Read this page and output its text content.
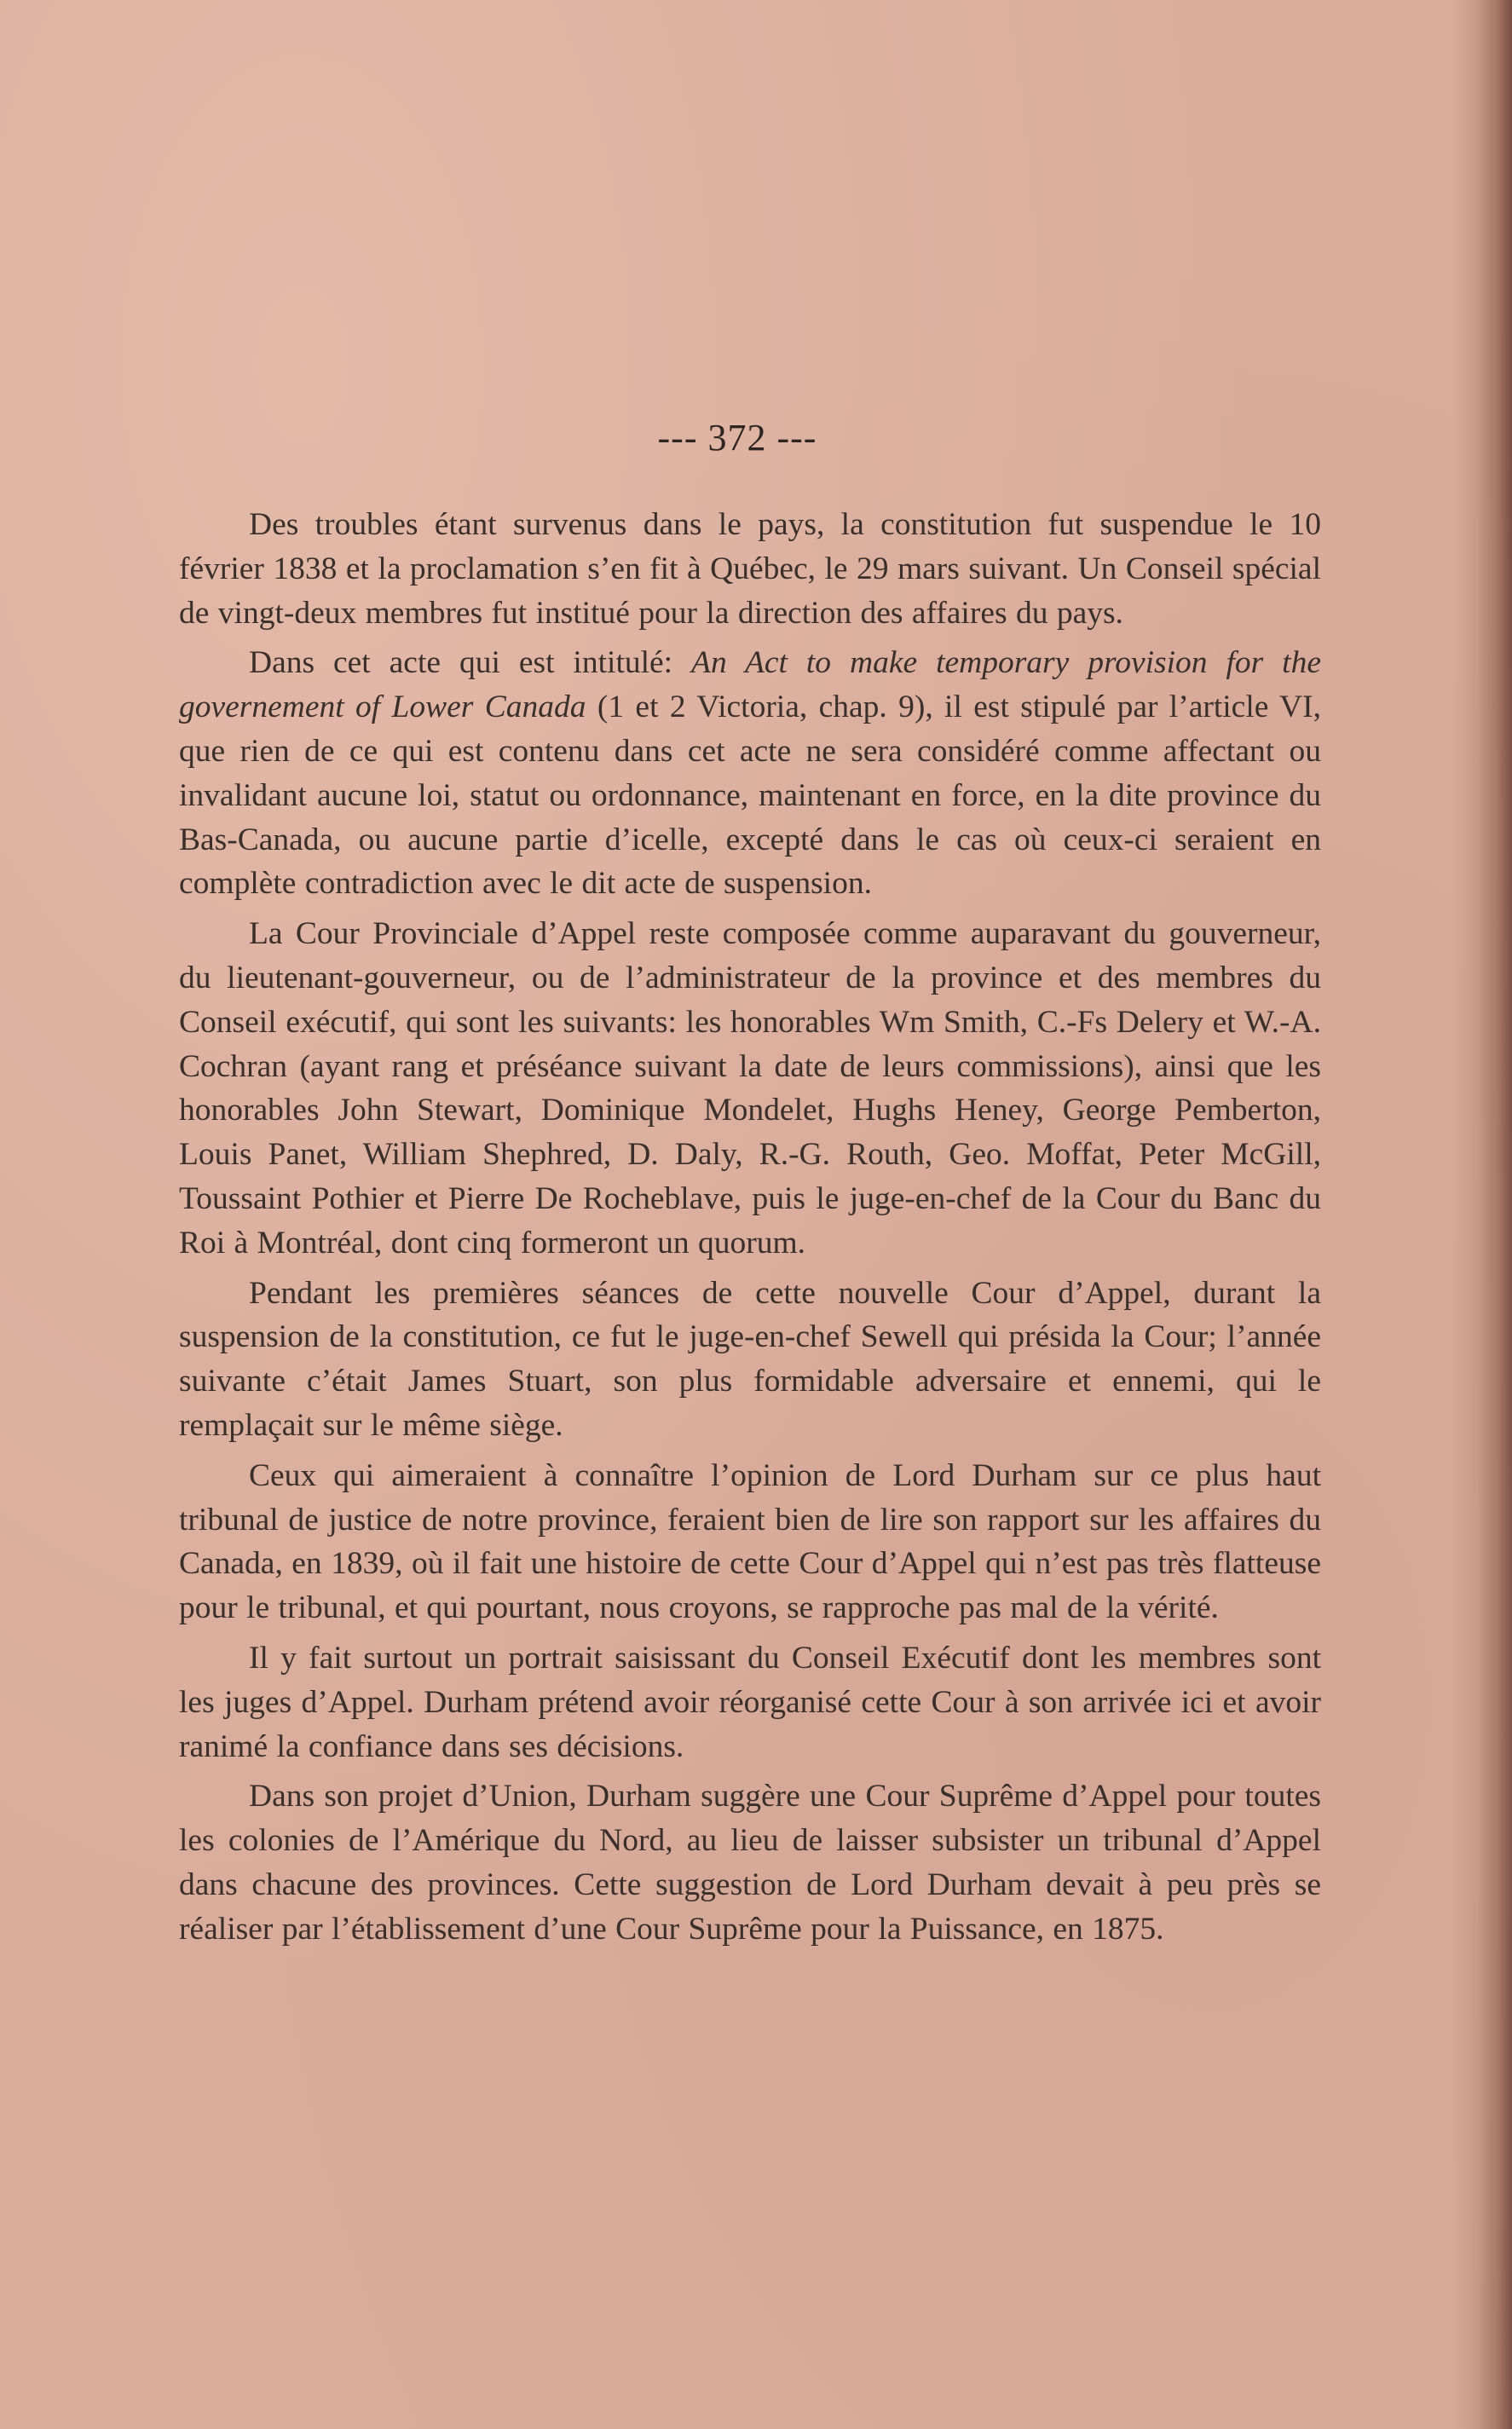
--- 372 ---

Des troubles étant survenus dans le pays, la constitution fut suspendue le 10 février 1838 et la proclamation s’en fit à Québec, le 29 mars suivant. Un Conseil spécial de vingt-deux membres fut institué pour la direction des affaires du pays.

Dans cet acte qui est intitulé: An Act to make temporary provision for the governement of Lower Canada (1 et 2 Victoria, chap. 9), il est stipulé par l’article VI, que rien de ce qui est contenu dans cet acte ne sera considéré comme affectant ou invalidant aucune loi, statut ou ordonnance, maintenant en force, en la dite province du Bas-Canada, ou aucune partie d’icelle, excepté dans le cas où ceux-ci seraient en complète contradiction avec le dit acte de suspension.

La Cour Provinciale d’Appel reste composée comme auparavant du gouverneur, du lieutenant-gouverneur, ou de l’administrateur de la province et des membres du Conseil exécutif, qui sont les suivants: les honorables Wm Smith, C.-Fs Delery et W.-A. Cochran (ayant rang et préséance suivant la date de leurs commissions), ainsi que les honorables John Stewart, Dominique Mondelet, Hughs Heney, George Pemberton, Louis Panet, William Shephred, D. Daly, R.-G. Routh, Geo. Moffat, Peter McGill, Toussaint Pothier et Pierre De Rocheblave, puis le juge-en-chef de la Cour du Banc du Roi à Montréal, dont cinq formeront un quorum.

Pendant les premières séances de cette nouvelle Cour d’Appel, durant la suspension de la constitution, ce fut le juge-en-chef Sewell qui présida la Cour; l’année suivante c’était James Stuart, son plus formidable adversaire et ennemi, qui le remplaçait sur le même siège.

Ceux qui aimeraient à connaître l’opinion de Lord Durham sur ce plus haut tribunal de justice de notre province, feraient bien de lire son rapport sur les affaires du Canada, en 1839, où il fait une histoire de cette Cour d’Appel qui n’est pas très flatteuse pour le tribunal, et qui pourtant, nous croyons, se rapproche pas mal de la vérité.

Il y fait surtout un portrait saisissant du Conseil Exécutif dont les membres sont les juges d’Appel. Durham prétend avoir réorganisé cette Cour à son arrivée ici et avoir ranimé la confiance dans ses décisions.

Dans son projet d’Union, Durham suggère une Cour Suprême d’Appel pour toutes les colonies de l’Amérique du Nord, au lieu de laisser subsister un tribunal d’Appel dans chacune des provinces. Cette suggestion de Lord Durham devait à peu près se réaliser par l’établissement d’une Cour Suprême pour la Puissance, en 1875.
